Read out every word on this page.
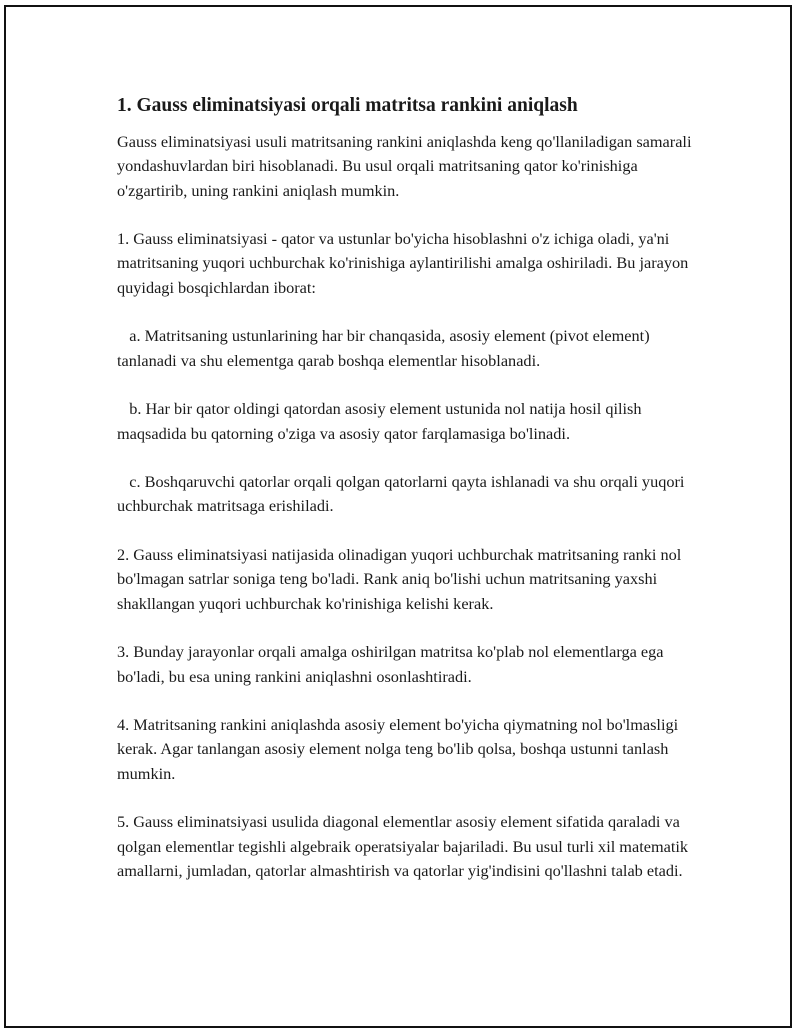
1. Gauss eliminatsiyasi orqali matritsa rankini aniqlash

Gauss eliminatsiyasi usuli matritsaning rankini aniqlashda keng qo'llaniladigan samarali yondashuvlardan biri hisoblanadi. Bu usul orqali matritsaning qator ko'rinishiga o'zgartirib, uning rankini aniqlash mumkin.

1. Gauss eliminatsiyasi - qator va ustunlar bo'yicha hisoblashni o'z ichiga oladi, ya'ni matritsaning yuqori uchburchak ko'rinishiga aylantirilishi amalga oshiriladi. Bu jarayon quyidagi bosqichlardan iborat:

a. Matritsaning ustunlarining har bir chanqasida, asosiy element (pivot element) tanlanadi va shu elementga qarab boshqa elementlar hisoblanadi.

b. Har bir qator oldingi qatordan asosiy element ustunida nol natija hosil qilish maqsadida bu qatorning o'ziga va asosiy qator farqlamasiga bo'linadi.

c. Boshqaruvchi qatorlar orqali qolgan qatorlarni qayta ishlanadi va shu orqali yuqori uchburchak matritsaga erishiladi.

2. Gauss eliminatsiyasi natijasida olinadigan yuqori uchburchak matritsaning ranki nol bo'lmagan satrlar soniga teng bo'ladi. Rank aniq bo'lishi uchun matritsaning yaxshi shakllangan yuqori uchburchak ko'rinishiga kelishi kerak.

3. Bunday jarayonlar orqali amalga oshirilgan matritsa ko'plab nol elementlarga ega bo'ladi, bu esa uning rankini aniqlashni osonlashtiradi.

4. Matritsaning rankini aniqlashda asosiy element bo'yicha qiymatning nol bo'lmasligi kerak. Agar tanlangan asosiy element nolga teng bo'lib qolsa, boshqa ustunni tanlash mumkin.

5. Gauss eliminatsiyasi usulida diagonal elementlar asosiy element sifatida qaraladi va qolgan elementlar tegishli algebraik operatsiyalar bajariladi. Bu usul turli xil matematik amallarni, jumladan, qatorlar almashtirish va qatorlar yig'indisini qo'llashni talab etadi.
